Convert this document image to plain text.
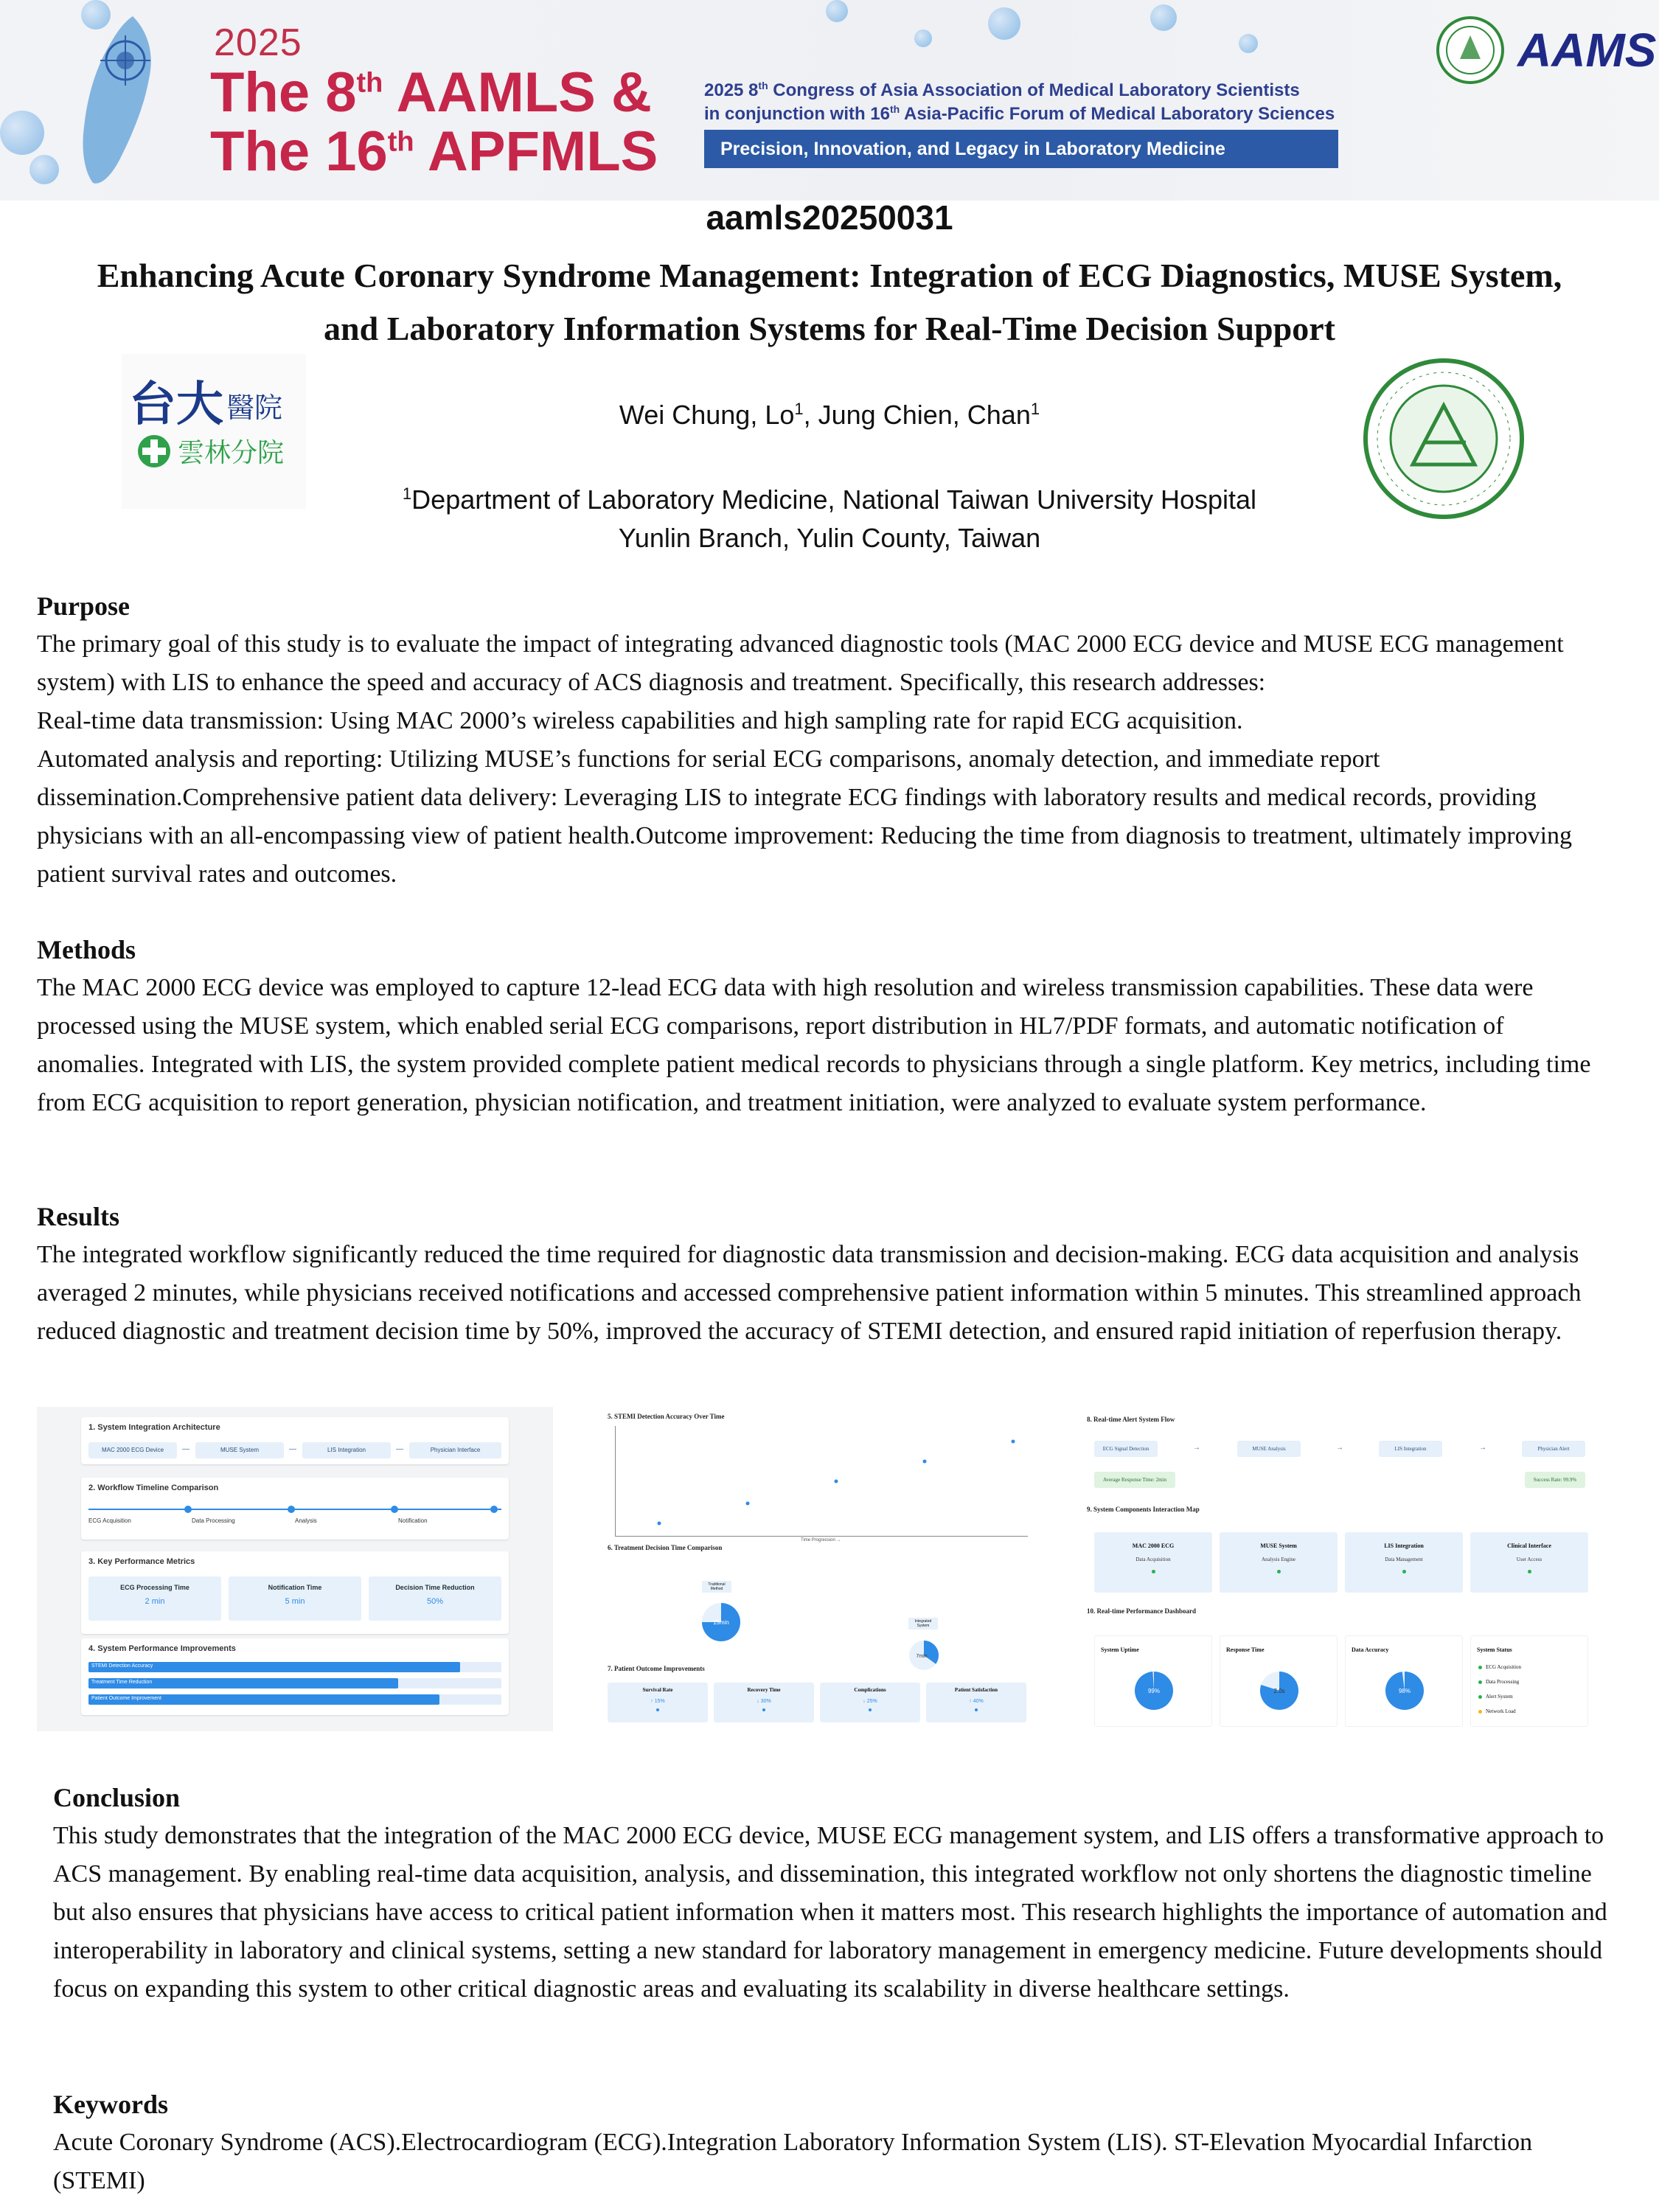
2025
The 8th AAMLS &
The 16th APFMLS
2025 8th Congress of Asia Association of Medical Laboratory Scientists
in conjunction with 16th Asia-Pacific Forum of Medical Laboratory Sciences
Precision, Innovation, and Legacy in Laboratory Medicine
AAMS
aamls20250031
Enhancing Acute Coronary Syndrome Management: Integration of ECG Diagnostics, MUSE System, and Laboratory Information Systems for Real-Time Decision Support
台大 醫院
雲林分院
Wei Chung, Lo$^1$, Jung Chien, Chan$^1$
$^1$Department of Laboratory Medicine, National Taiwan University Hospital
Yunlin Branch, Yulin County, Taiwan
Purpose

The primary goal of this study is to evaluate the impact of integrating advanced diagnostic tools (MAC 2000 ECG device and MUSE ECG management system) with LIS to enhance the speed and accuracy of ACS diagnosis and treatment. Specifically, this research addresses:

Real-time data transmission: Using MAC 2000’s wireless capabilities and high sampling rate for rapid ECG acquisition.

Automated analysis and reporting: Utilizing MUSE’s functions for serial ECG comparisons, anomaly detection, and immediate report dissemination.Comprehensive patient data delivery: Leveraging LIS to integrate ECG findings with laboratory results and medical records, providing physicians with an all-encompassing view of patient health.Outcome improvement: Reducing the time from diagnosis to treatment, ultimately improving patient survival rates and outcomes.

Methods

The MAC 2000 ECG device was employed to capture 12-lead ECG data with high resolution and wireless transmission capabilities. These data were processed using the MUSE system, which enabled serial ECG comparisons, report distribution in HL7/PDF formats, and automatic notification of anomalies. Integrated with LIS, the system provided complete patient medical records to physicians through a single platform. Key metrics, including time from ECG acquisition to report generation, physician notification, and treatment initiation, were analyzed to evaluate system performance.

Results

The integrated workflow significantly reduced the time required for diagnostic data transmission and decision-making. ECG data acquisition and analysis averaged 2 minutes, while physicians received notifications and accessed comprehensive patient information within 5 minutes. This streamlined approach reduced diagnostic and treatment decision time by 50%, improved the accuracy of STEMI detection, and ensured rapid initiation of reperfusion therapy.

1. System Integration Architecture
MAC 2000 ECG Device	—	MUSE System	—	LIS Integration	—	Physician Interface
2. Workflow Timeline Comparison
ECG Acquisition	Data Processing	Analysis	Notification
3. Key Performance Metrics
ECG Processing Time
2 min
Notification Time
5 min
Decision Time Reduction
50%
4. System Performance Improvements
STEMI Detection Accuracy
Treatment Time Reduction
Patient Outcome Improvement
5. STEMI Detection Accuracy Over Time
Time Progression →
6. Treatment Decision Time Comparison
Traditional Method
15min	Integrated System
7min
7. Patient Outcome Improvements
Survival Rate
↑ 15%
Recovery Time
↓ 30%
Complications
↓ 25%
Patient Satisfaction
↑ 40%
8. Real-time Alert System Flow
ECG Signal Detection	→	MUSE Analysis	→	LIS Integration	→	Physician Alert
Average Response Time: 2min	Success Rate: 99.9%
9. System Components Interaction Map
MAC 2000 ECG
Data Acquisition
MUSE System
Analysis Engine
LIS Integration
Data Management
Clinical Interface
User Access
10. Real-time Performance Dashboard
System Uptime
99%
Response Time
2.0s
Data Accuracy
98%
System Status
ECG Acquisition
Data Processing
Alert System
Network Load
Conclusion

This study demonstrates that the integration of the MAC 2000 ECG device, MUSE ECG management system, and LIS offers a transformative approach to ACS management. By enabling real-time data acquisition, analysis, and dissemination, this integrated workflow not only shortens the diagnostic timeline but also ensures that physicians have access to critical patient information when it matters most. This research highlights the importance of automation and interoperability in laboratory and clinical systems, setting a new standard for laboratory management in emergency medicine. Future developments should focus on expanding this system to other critical diagnostic areas and evaluating its scalability in diverse healthcare settings.

Keywords

Acute Coronary Syndrome (ACS).Electrocardiogram (ECG).Integration Laboratory Information System (LIS). ST-Elevation Myocardial Infarction (STEMI)
